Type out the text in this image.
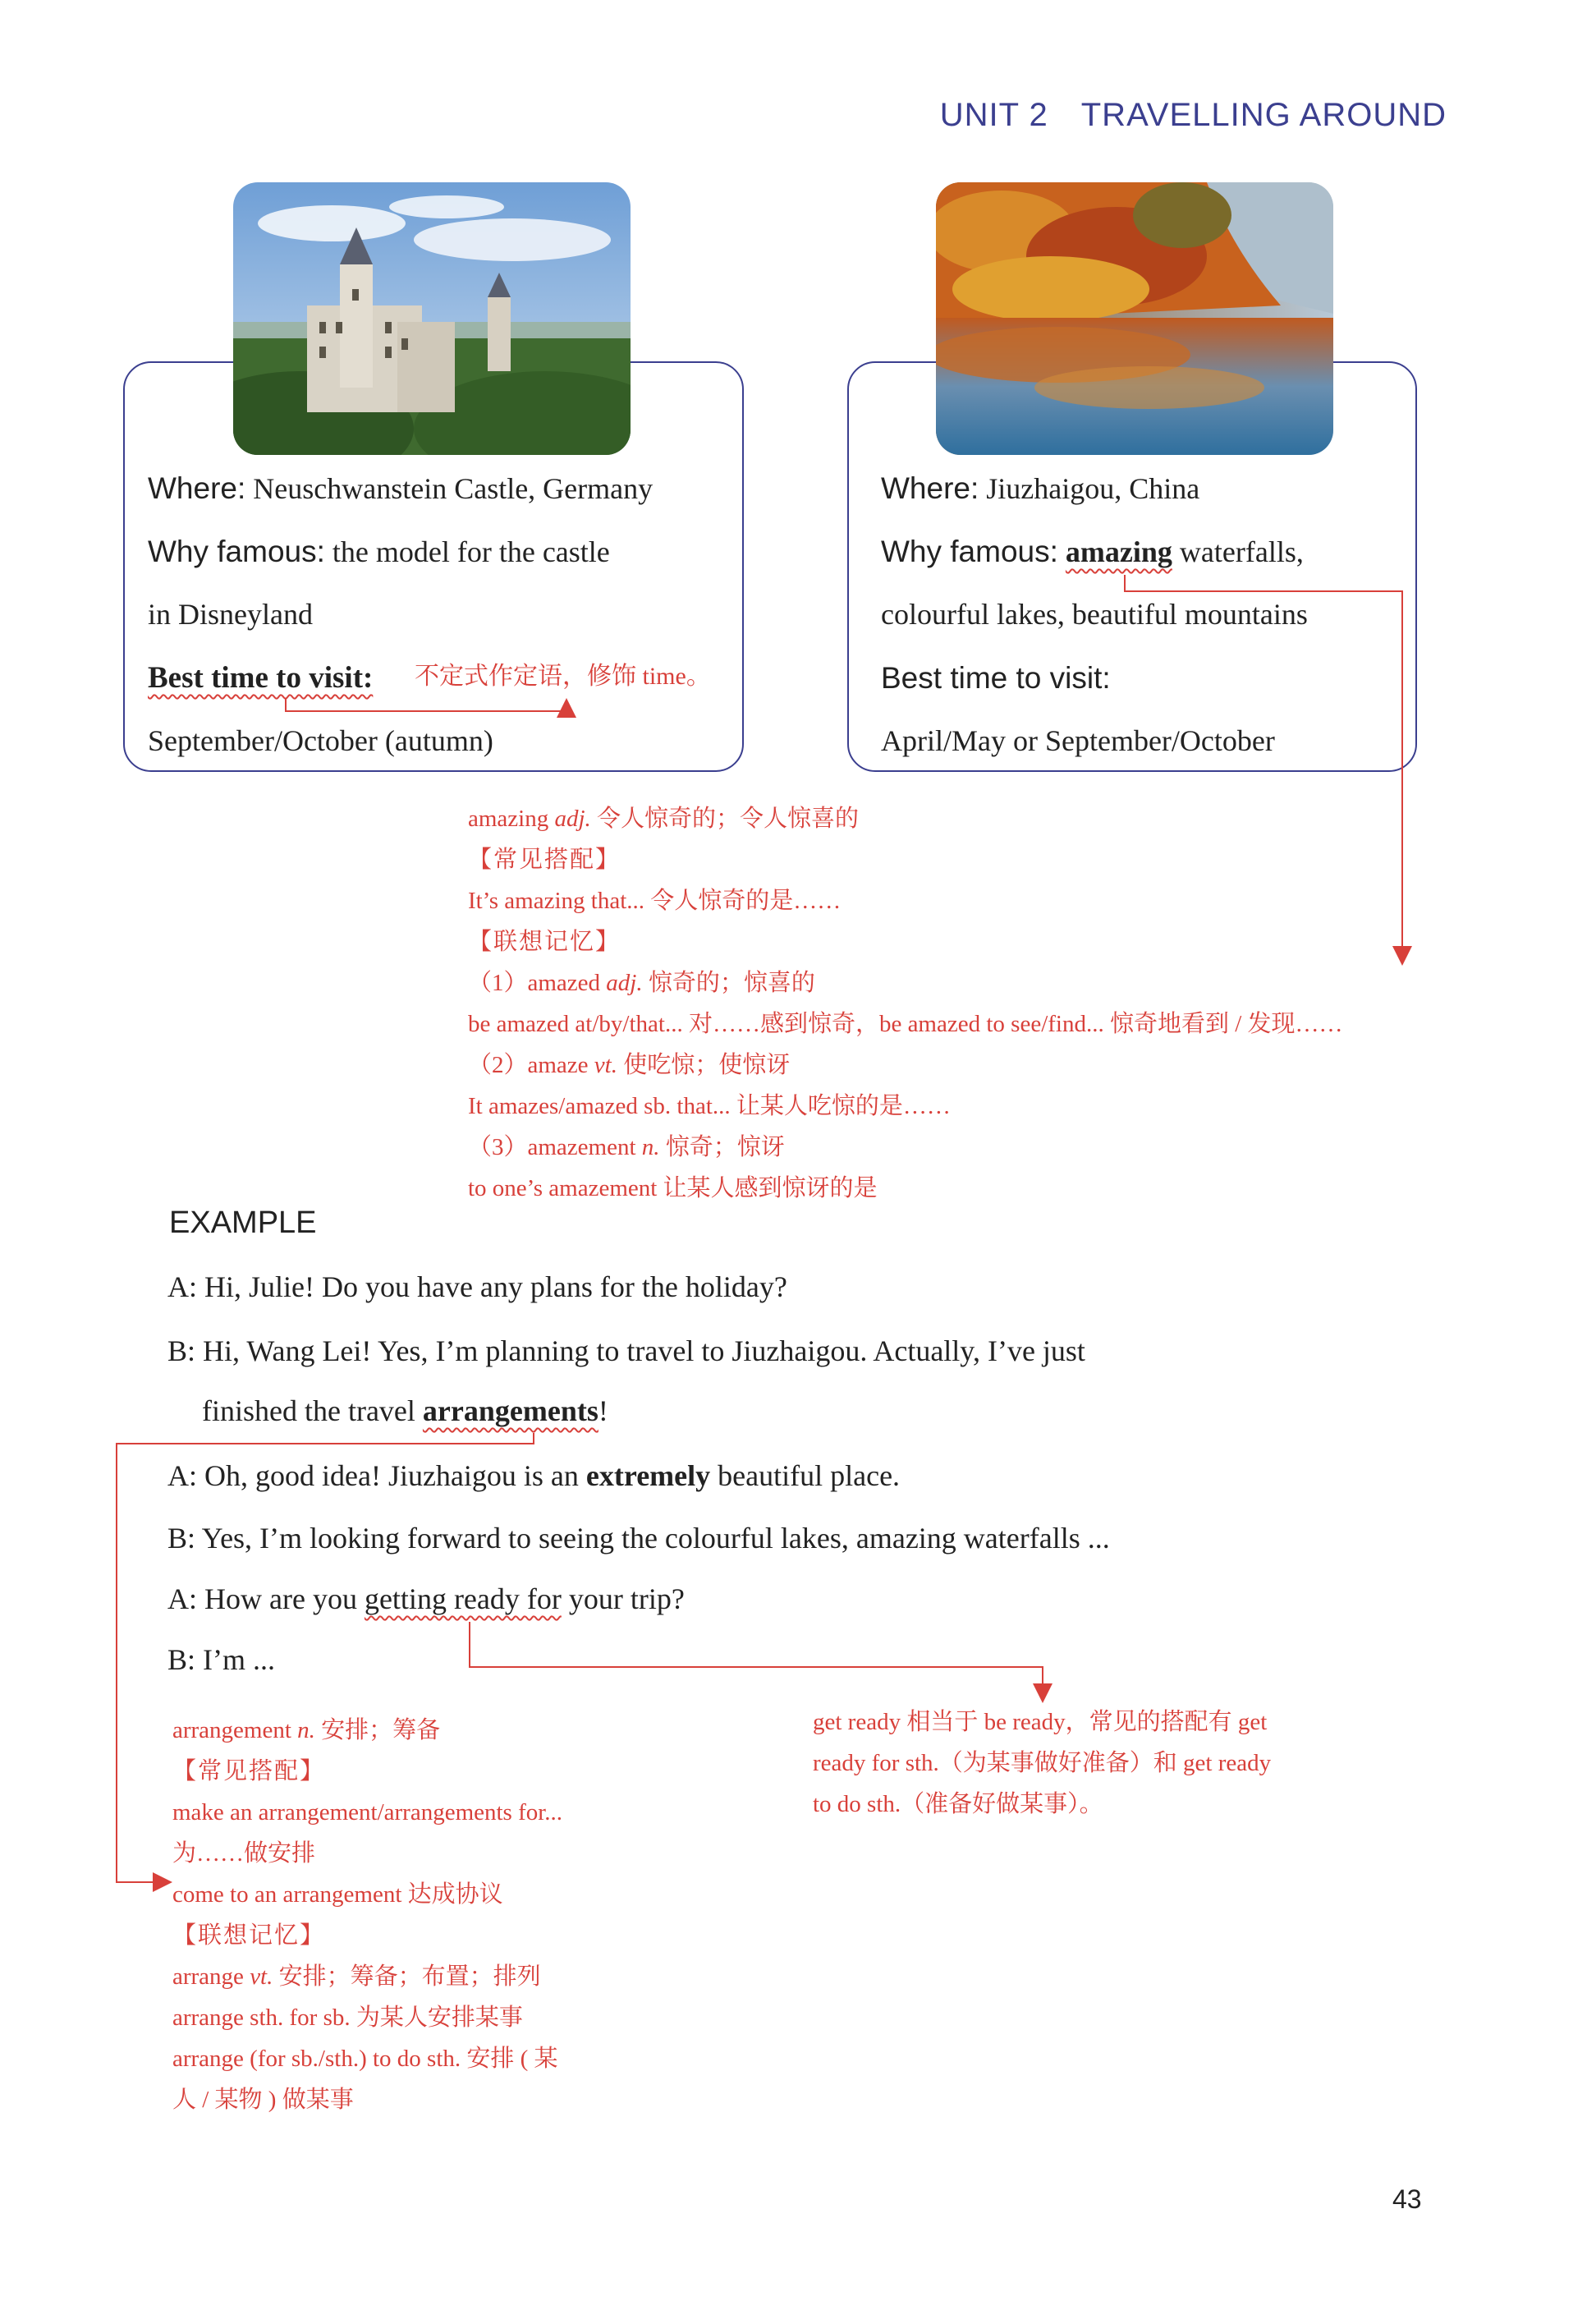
UNIT 2 TRAVELLING AROUND
Where: Neuschwanstein Castle, Germany
Why famous: the model for the castle
in Disneyland
Best time to visit: 不定式作定语，修饰 time。
September/October (autumn)
Where: Jiuzhaigou, China
Why famous: amazing waterfalls,
colourful lakes, beautiful mountains
Best time to visit:
April/May or September/October
amazing adj. 令人惊奇的；令人惊喜的
【常见搭配】
It’s amazing that... 令人惊奇的是……
【联想记忆】
（1）amazed adj. 惊奇的；惊喜的
be amazed at/by/that... 对……感到惊奇，be amazed to see/find... 惊奇地看到 / 发现……
（2）amaze vt. 使吃惊；使惊讶
It amazes/amazed sb. that... 让某人吃惊的是……
（3）amazement n. 惊奇；惊讶
to one’s amazement 让某人感到惊讶的是
EXAMPLE
A: Hi, Julie! Do you have any plans for the holiday?
B: Hi, Wang Lei! Yes, I’m planning to travel to Jiuzhaigou. Actually, I’ve just
finished the travel arrangements!
A: Oh, good idea! Jiuzhaigou is an extremely beautiful place.
B: Yes, I’m looking forward to seeing the colourful lakes, amazing waterfalls ...
A: How are you getting ready for your trip?
B: I’m ...
arrangement n. 安排；筹备
【常见搭配】
make an arrangement/arrangements for...
为……做安排
come to an arrangement 达成协议
【联想记忆】
arrange vt. 安排；筹备；布置；排列
arrange sth. for sb. 为某人安排某事
arrange (for sb./sth.) to do sth. 安排 ( 某
人 / 某物 ) 做某事
get ready 相当于 be ready，常见的搭配有 get
ready for sth.（为某事做好准备）和 get ready
to do sth.（准备好做某事）。
43
